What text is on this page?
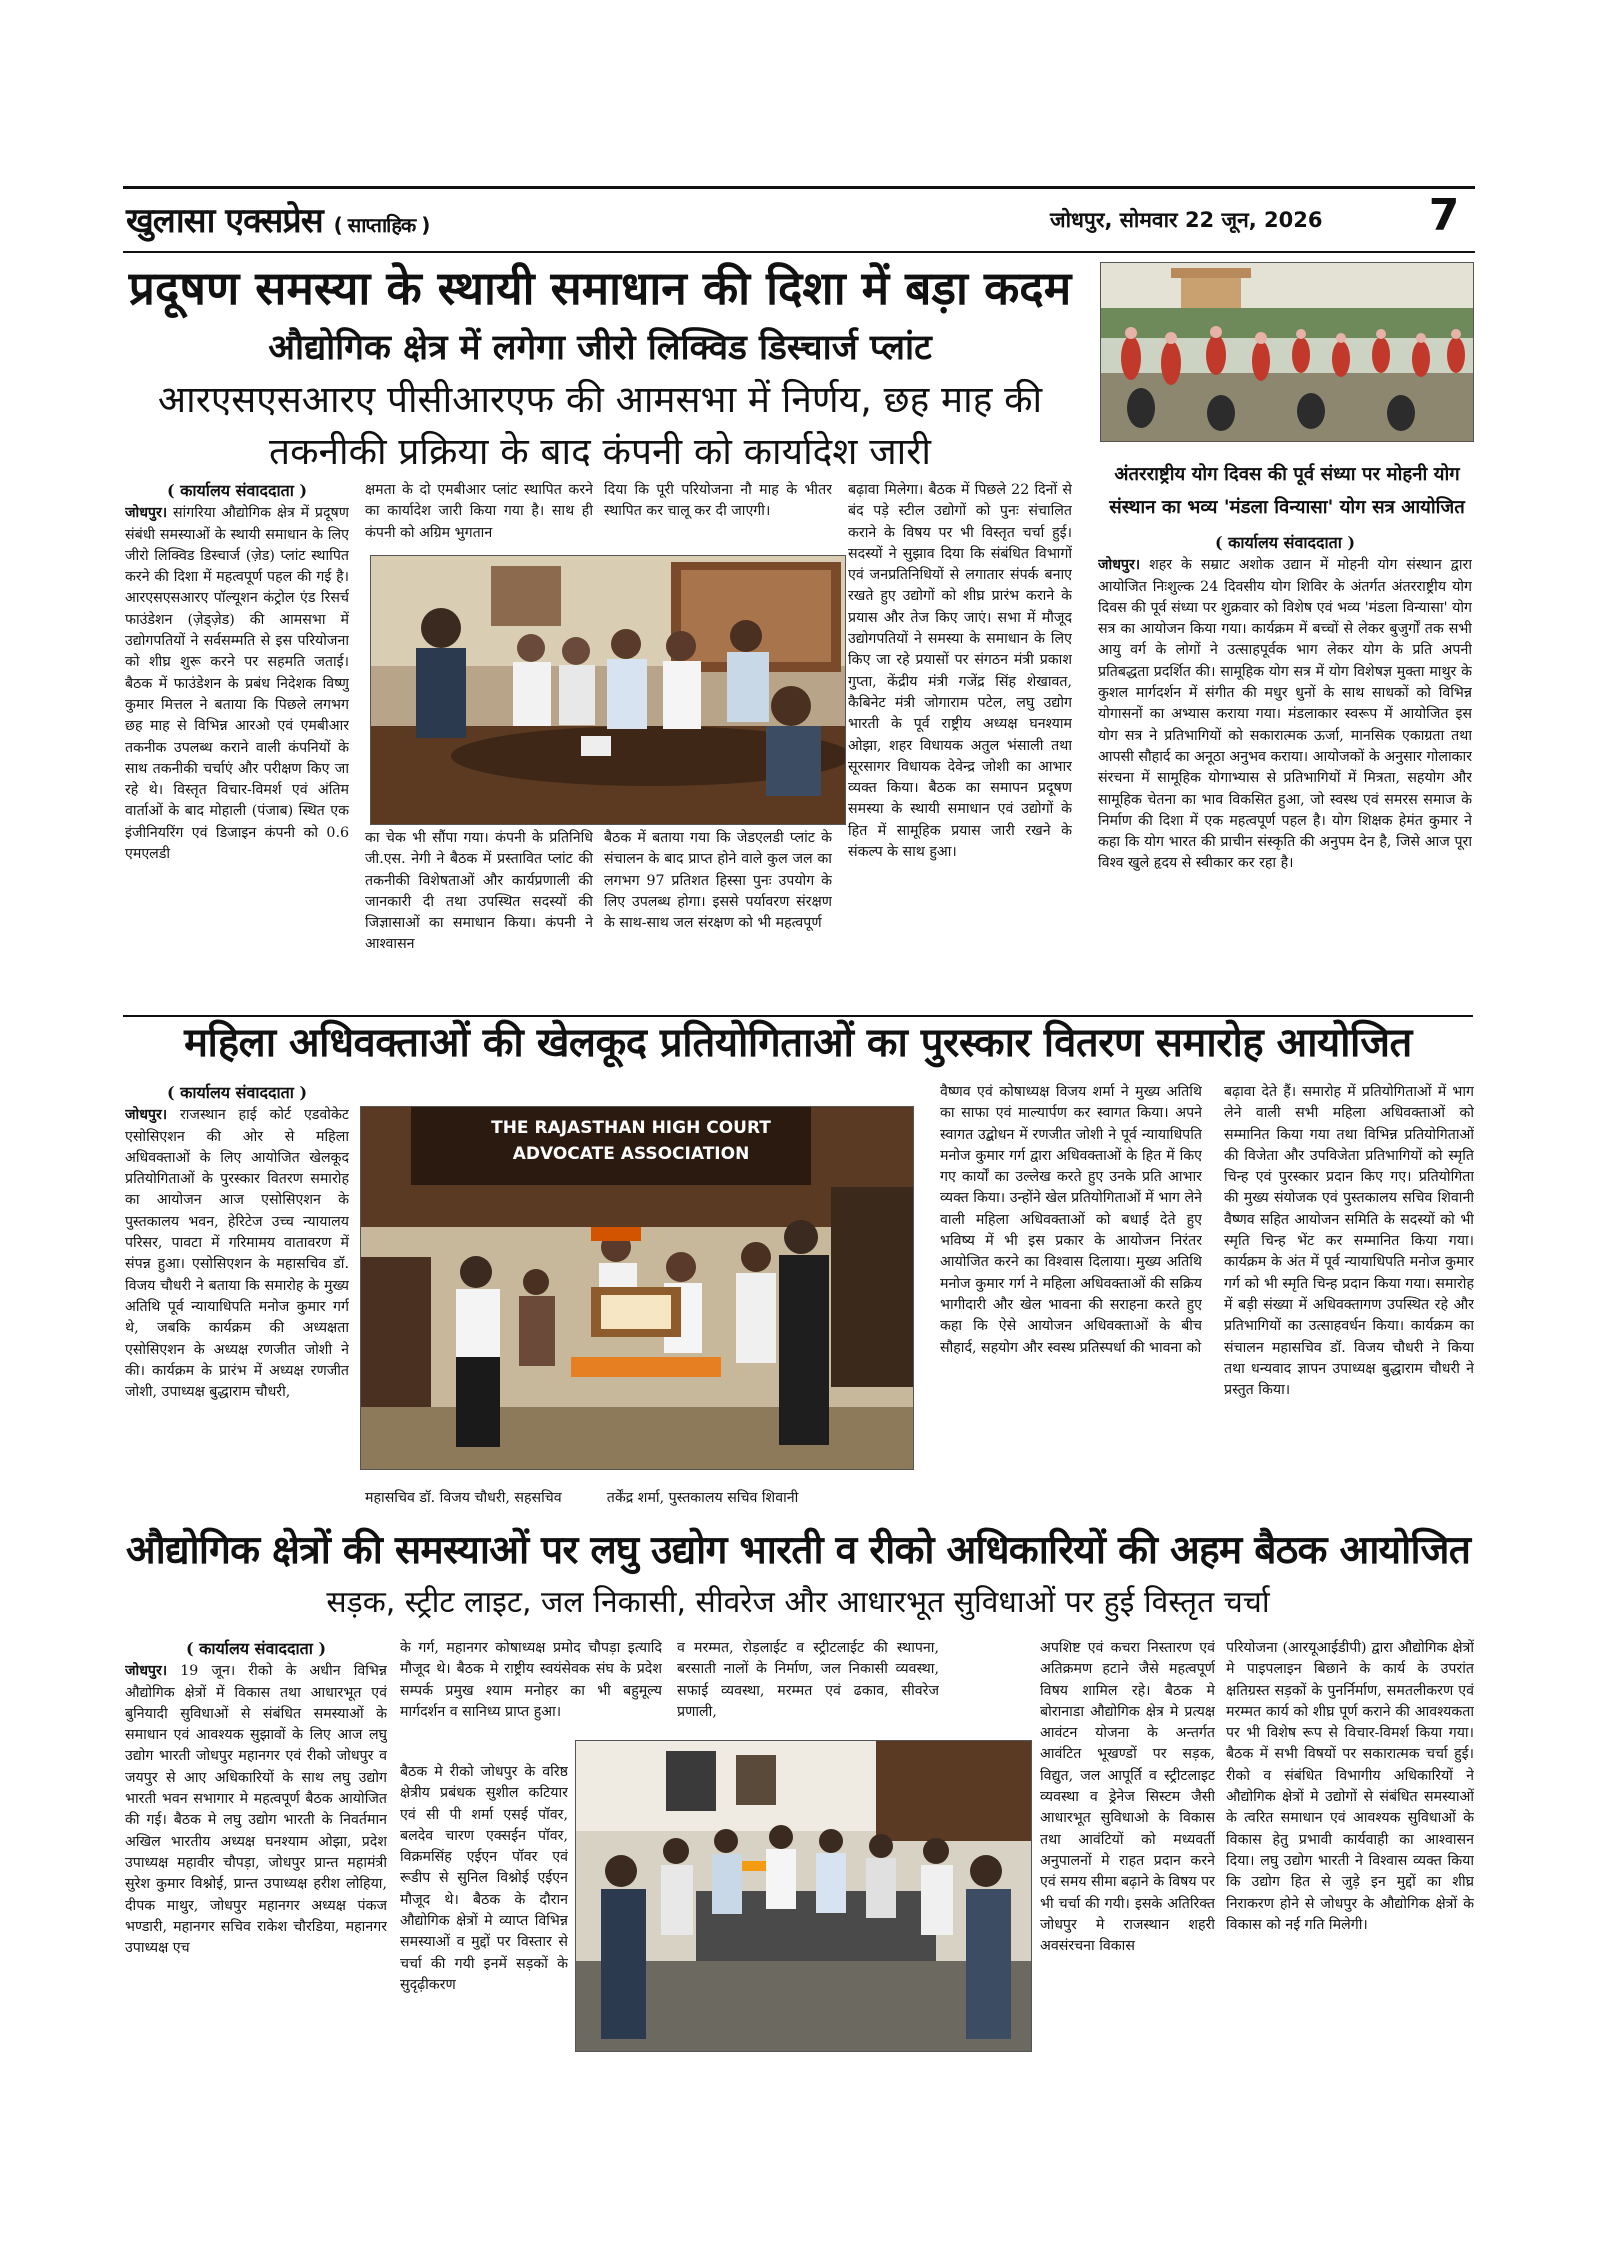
खुलासा एक्सप्रेस ( साप्ताहिक )	जोधपुर, सोमवार 22 जून, 2026 7
प्रदूषण समस्या के स्थायी समाधान की दिशा में बड़ा कदम
औद्योगिक क्षेत्र में लगेगा जीरो लिक्विड डिस्चार्ज प्लांट
आरएसएसआरए पीसीआरएफ की आमसभा में निर्णय, छह माह की
तकनीकी प्रक्रिया के बाद कंपनी को कार्यादेश जारी
( कार्यालय संवाददाता )
जोधपुर। सांगरिया औद्योगिक क्षेत्र में प्रदूषण संबंधी समस्याओं के स्थायी समाधान के लिए जीरो लिक्विड डिस्चार्ज (ज़ेड) प्लांट स्थापित करने की दिशा में महत्वपूर्ण पहल की गई है। आरएसएसआरए पॉल्यूशन कंट्रोल एंड रिसर्च फाउंडेशन (ज़ेड्ज़ेड) की आमसभा में उद्योगपतियों ने सर्वसम्मति से इस परियोजना को शीघ्र शुरू करने पर सहमति जताई। बैठक में फाउंडेशन के प्रबंध निदेशक विष्णु कुमार मित्तल ने बताया कि पिछले लगभग छह माह से विभिन्न आरओ एवं एमबीआर तकनीक उपलब्ध कराने वाली कंपनियों के साथ तकनीकी चर्चाएं और परीक्षण किए जा रहे थे। विस्तृत विचार-विमर्श एवं अंतिम वार्ताओं के बाद मोहाली (पंजाब) स्थित एक इंजीनियरिंग एवं डिजाइन कंपनी को 0.6 एमएलडी
क्षमता के दो एमबीआर प्लांट स्थापित करने का कार्यादेश जारी किया गया है। साथ ही कंपनी को अग्रिम भुगतान
दिया कि पूरी परियोजना नौ माह के भीतर स्थापित कर चालू कर दी जाएगी।
का चेक भी सौंपा गया। कंपनी के प्रतिनिधि जी.एस. नेगी ने बैठक में प्रस्तावित प्लांट की तकनीकी विशेषताओं और कार्यप्रणाली की जानकारी दी तथा उपस्थित सदस्यों की जिज्ञासाओं का समाधान किया। कंपनी ने आश्वासन
बैठक में बताया गया कि जेडएलडी प्लांट के संचालन के बाद प्राप्त होने वाले कुल जल का लगभग 97 प्रतिशत हिस्सा पुनः उपयोग के लिए उपलब्ध होगा। इससे पर्यावरण संरक्षण के साथ-साथ जल संरक्षण को भी महत्वपूर्ण
बढ़ावा मिलेगा। बैठक में पिछले 22 दिनों से बंद पड़े स्टील उद्योगों को पुनः संचालित कराने के विषय पर भी विस्तृत चर्चा हुई। सदस्यों ने सुझाव दिया कि संबंधित विभागों एवं जनप्रतिनिधियों से लगातार संपर्क बनाए रखते हुए उद्योगों को शीघ्र प्रारंभ कराने के प्रयास और तेज किए जाएं। सभा में मौजूद उद्योगपतियों ने समस्या के समाधान के लिए किए जा रहे प्रयासों पर संगठन मंत्री प्रकाश गुप्ता, केंद्रीय मंत्री गजेंद्र सिंह शेखावत, कैबिनेट मंत्री जोगाराम पटेल, लघु उद्योग भारती के पूर्व राष्ट्रीय अध्यक्ष घनश्याम ओझा, शहर विधायक अतुल भंसाली तथा सूरसागर विधायक देवेन्द्र जोशी का आभार व्यक्त किया। बैठक का समापन प्रदूषण समस्या के स्थायी समाधान एवं उद्योगों के हित में सामूहिक प्रयास जारी रखने के संकल्प के साथ हुआ।
अंतरराष्ट्रीय योग दिवस की पूर्व संध्या पर मोहनी योग
संस्थान का भव्य 'मंडला विन्यासा' योग सत्र आयोजित
( कार्यालय संवाददाता )
जोधपुर। शहर के सम्राट अशोक उद्यान में मोहनी योग संस्थान द्वारा आयोजित निःशुल्क 24 दिवसीय योग शिविर के अंतर्गत अंतरराष्ट्रीय योग दिवस की पूर्व संध्या पर शुक्रवार को विशेष एवं भव्य 'मंडला विन्यासा' योग सत्र का आयोजन किया गया। कार्यक्रम में बच्चों से लेकर बुजुर्गों तक सभी आयु वर्ग के लोगों ने उत्साहपूर्वक भाग लेकर योग के प्रति अपनी प्रतिबद्धता प्रदर्शित की। सामूहिक योग सत्र में योग विशेषज्ञ मुक्ता माथुर के कुशल मार्गदर्शन में संगीत की मधुर धुनों के साथ साधकों को विभिन्न योगासनों का अभ्यास कराया गया। मंडलाकार स्वरूप में आयोजित इस योग सत्र ने प्रतिभागियों को सकारात्मक ऊर्जा, मानसिक एकाग्रता तथा आपसी सौहार्द का अनूठा अनुभव कराया। आयोजकों के अनुसार गोलाकार संरचना में सामूहिक योगाभ्यास से प्रतिभागियों में मित्रता, सहयोग और सामूहिक चेतना का भाव विकसित हुआ, जो स्वस्थ एवं समरस समाज के निर्माण की दिशा में एक महत्वपूर्ण पहल है। योग शिक्षक हेमंत कुमार ने कहा कि योग भारत की प्राचीन संस्कृति की अनुपम देन है, जिसे आज पूरा विश्व खुले हृदय से स्वीकार कर रहा है।
महिला अधिवक्ताओं की खेलकूद प्रतियोगिताओं का पुरस्कार वितरण समारोह आयोजित
( कार्यालय संवाददाता )
जोधपुर। राजस्थान हाई कोर्ट एडवोकेट एसोसिएशन की ओर से महिला अधिवक्ताओं के लिए आयोजित खेलकूद प्रतियोगिताओं के पुरस्कार वितरण समारोह का आयोजन आज एसोसिएशन के पुस्तकालय भवन, हेरिटेज उच्च न्यायालय परिसर, पावटा में गरिमामय वातावरण में संपन्न हुआ। एसोसिएशन के महासचिव डॉ. विजय चौधरी ने बताया कि समारोह के मुख्य अतिथि पूर्व न्यायाधिपति मनोज कुमार गर्ग थे, जबकि कार्यक्रम की अध्यक्षता एसोसिएशन के अध्यक्ष रणजीत जोशी ने की। कार्यक्रम के प्रारंभ में अध्यक्ष रणजीत जोशी, उपाध्यक्ष बुद्धाराम चौधरी,
THE RAJASTHAN HIGH COURT
ADVOCATE ASSOCIATION
महासचिव डॉ. विजय चौधरी, सहसचिव          तर्केंद्र शर्मा, पुस्तकालय सचिव शिवानी
वैष्णव एवं कोषाध्यक्ष विजय शर्मा ने मुख्य अतिथि का साफा एवं माल्यार्पण कर स्वागत किया। अपने स्वागत उद्बोधन में रणजीत जोशी ने पूर्व न्यायाधिपति मनोज कुमार गर्ग द्वारा अधिवक्ताओं के हित में किए गए कार्यों का उल्लेख करते हुए उनके प्रति आभार व्यक्त किया। उन्होंने खेल प्रतियोगिताओं में भाग लेने वाली महिला अधिवक्ताओं को बधाई देते हुए भविष्य में भी इस प्रकार के आयोजन निरंतर आयोजित करने का विश्वास दिलाया। मुख्य अतिथि मनोज कुमार गर्ग ने महिला अधिवक्ताओं की सक्रिय भागीदारी और खेल भावना की सराहना करते हुए कहा कि ऐसे आयोजन अधिवक्ताओं के बीच सौहार्द, सहयोग और स्वस्थ प्रतिस्पर्धा की भावना को
बढ़ावा देते हैं। समारोह में प्रतियोगिताओं में भाग लेने वाली सभी महिला अधिवक्ताओं को सम्मानित किया गया तथा विभिन्न प्रतियोगिताओं की विजेता और उपविजेता प्रतिभागियों को स्मृति चिन्ह एवं पुरस्कार प्रदान किए गए। प्रतियोगिता की मुख्य संयोजक एवं पुस्तकालय सचिव शिवानी वैष्णव सहित आयोजन समिति के सदस्यों को भी स्मृति चिन्ह भेंट कर सम्मानित किया गया। कार्यक्रम के अंत में पूर्व न्यायाधिपति मनोज कुमार गर्ग को भी स्मृति चिन्ह प्रदान किया गया। समारोह में बड़ी संख्या में अधिवक्तागण उपस्थित रहे और प्रतिभागियों का उत्साहवर्धन किया। कार्यक्रम का संचालन महासचिव डॉ. विजय चौधरी ने किया तथा धन्यवाद ज्ञापन उपाध्यक्ष बुद्धाराम चौधरी ने प्रस्तुत किया।
औद्योगिक क्षेत्रों की समस्याओं पर लघु उद्योग भारती व रीको अधिकारियों की अहम बैठक आयोजित
सड़क, स्ट्रीट लाइट, जल निकासी, सीवरेज और आधारभूत सुविधाओं पर हुई विस्तृत चर्चा
( कार्यालय संवाददाता )
जोधपुर। 19 जून। रीको के अधीन विभिन्न औद्योगिक क्षेत्रों में विकास तथा आधारभूत एवं बुनियादी सुविधाओं से संबंधित समस्याओं के समाधान एवं आवश्यक सुझावों के लिए आज लघु उद्योग भारती जोधपुर महानगर एवं रीको जोधपुर व जयपुर से आए अधिकारियों के साथ लघु उद्योग भारती भवन सभागार मे महत्वपूर्ण बैठक आयोजित की गई। बैठक मे लघु उद्योग भारती के निवर्तमान अखिल भारतीय अध्यक्ष घनश्याम ओझा, प्रदेश उपाध्यक्ष महावीर चौपड़ा, जोधपुर प्रान्त महामंत्री सुरेश कुमार विश्नोई, प्रान्त उपाध्यक्ष हरीश लोहिया, दीपक माथुर, जोधपुर महानगर अध्यक्ष पंकज भण्डारी, महानगर सचिव राकेश चौरडिया, महानगर उपाध्यक्ष एच
के गर्ग, महानगर कोषाध्यक्ष प्रमोद चौपड़ा इत्यादि मौजूद थे। बैठक मे राष्ट्रीय स्वयंसेवक संघ के प्रदेश सम्पर्क प्रमुख श्याम मनोहर का भी बहुमूल्य मार्गदर्शन व सानिध्य प्राप्त हुआ।
व मरम्मत, रोड़लाईट व स्ट्रीटलाईट की स्थापना, बरसाती नालों के निर्माण, जल निकासी व्यवस्था, सफाई व्यवस्था, मरम्मत एवं ढकाव, सीवरेज प्रणाली,
बैठक मे रीको जोधपुर के वरिष्ठ क्षेत्रीय प्रबंधक सुशील कटियार एवं सी पी शर्मा एसई पॉवर, बलदेव चारण एक्सईन पॉवर, विक्रमसिंह एईएन पॉवर एवं रूडीप से सुनिल विश्नोई एईएन मौजूद थे। बैठक के दौरान औद्योगिक क्षेत्रों मे व्याप्त विभिन्न समस्याओं व मुद्दों पर विस्तार से चर्चा की गयी इनमें सड़कों के सुदृढ़ीकरण
अपशिष्ट एवं कचरा निस्तारण एवं अतिक्रमण हटाने जैसे महत्वपूर्ण विषय शामिल रहे। बैठक मे बोरानाडा औद्योगिक क्षेत्र मे प्रत्यक्ष आवंटन योजना के अन्तर्गत आवंटित भूखण्डों पर सड़क, विद्युत, जल आपूर्ति व स्ट्रीटलाइट व्यवस्था व ड्रेनेज सिस्टम जैसी आधारभूत सुविधाओ के विकास तथा आवंटियों को मध्यवर्ती अनुपालनों मे राहत प्रदान करने एवं समय सीमा बढ़ाने के विषय पर भी चर्चा की गयी। इसके अतिरिक्त जोधपुर मे राजस्थान शहरी अवसंरचना विकास
परियोजना (आरयूआईडीपी) द्वारा औद्योगिक क्षेत्रों मे पाइपलाइन बिछाने के कार्य के उपरांत क्षतिग्रस्त सड़कों के पुनर्निर्माण, समतलीकरण एवं मरम्मत कार्य को शीघ्र पूर्ण कराने की आवश्यकता पर भी विशेष रूप से विचार-विमर्श किया गया। बैठक में सभी विषयों पर सकारात्मक चर्चा हुई। रीको व संबंधित विभागीय अधिकारियों ने औद्योगिक क्षेत्रों मे उद्योगों से संबंधित समस्याओं के त्वरित समाधान एवं आवश्यक सुविधाओं के विकास हेतु प्रभावी कार्यवाही का आश्वासन दिया। लघु उद्योग भारती ने विश्वास व्यक्त किया कि उद्योग हित से जुड़े इन मुद्दों का शीघ्र निराकरण होने से जोधपुर के औद्योगिक क्षेत्रों के विकास को नई गति मिलेगी।
